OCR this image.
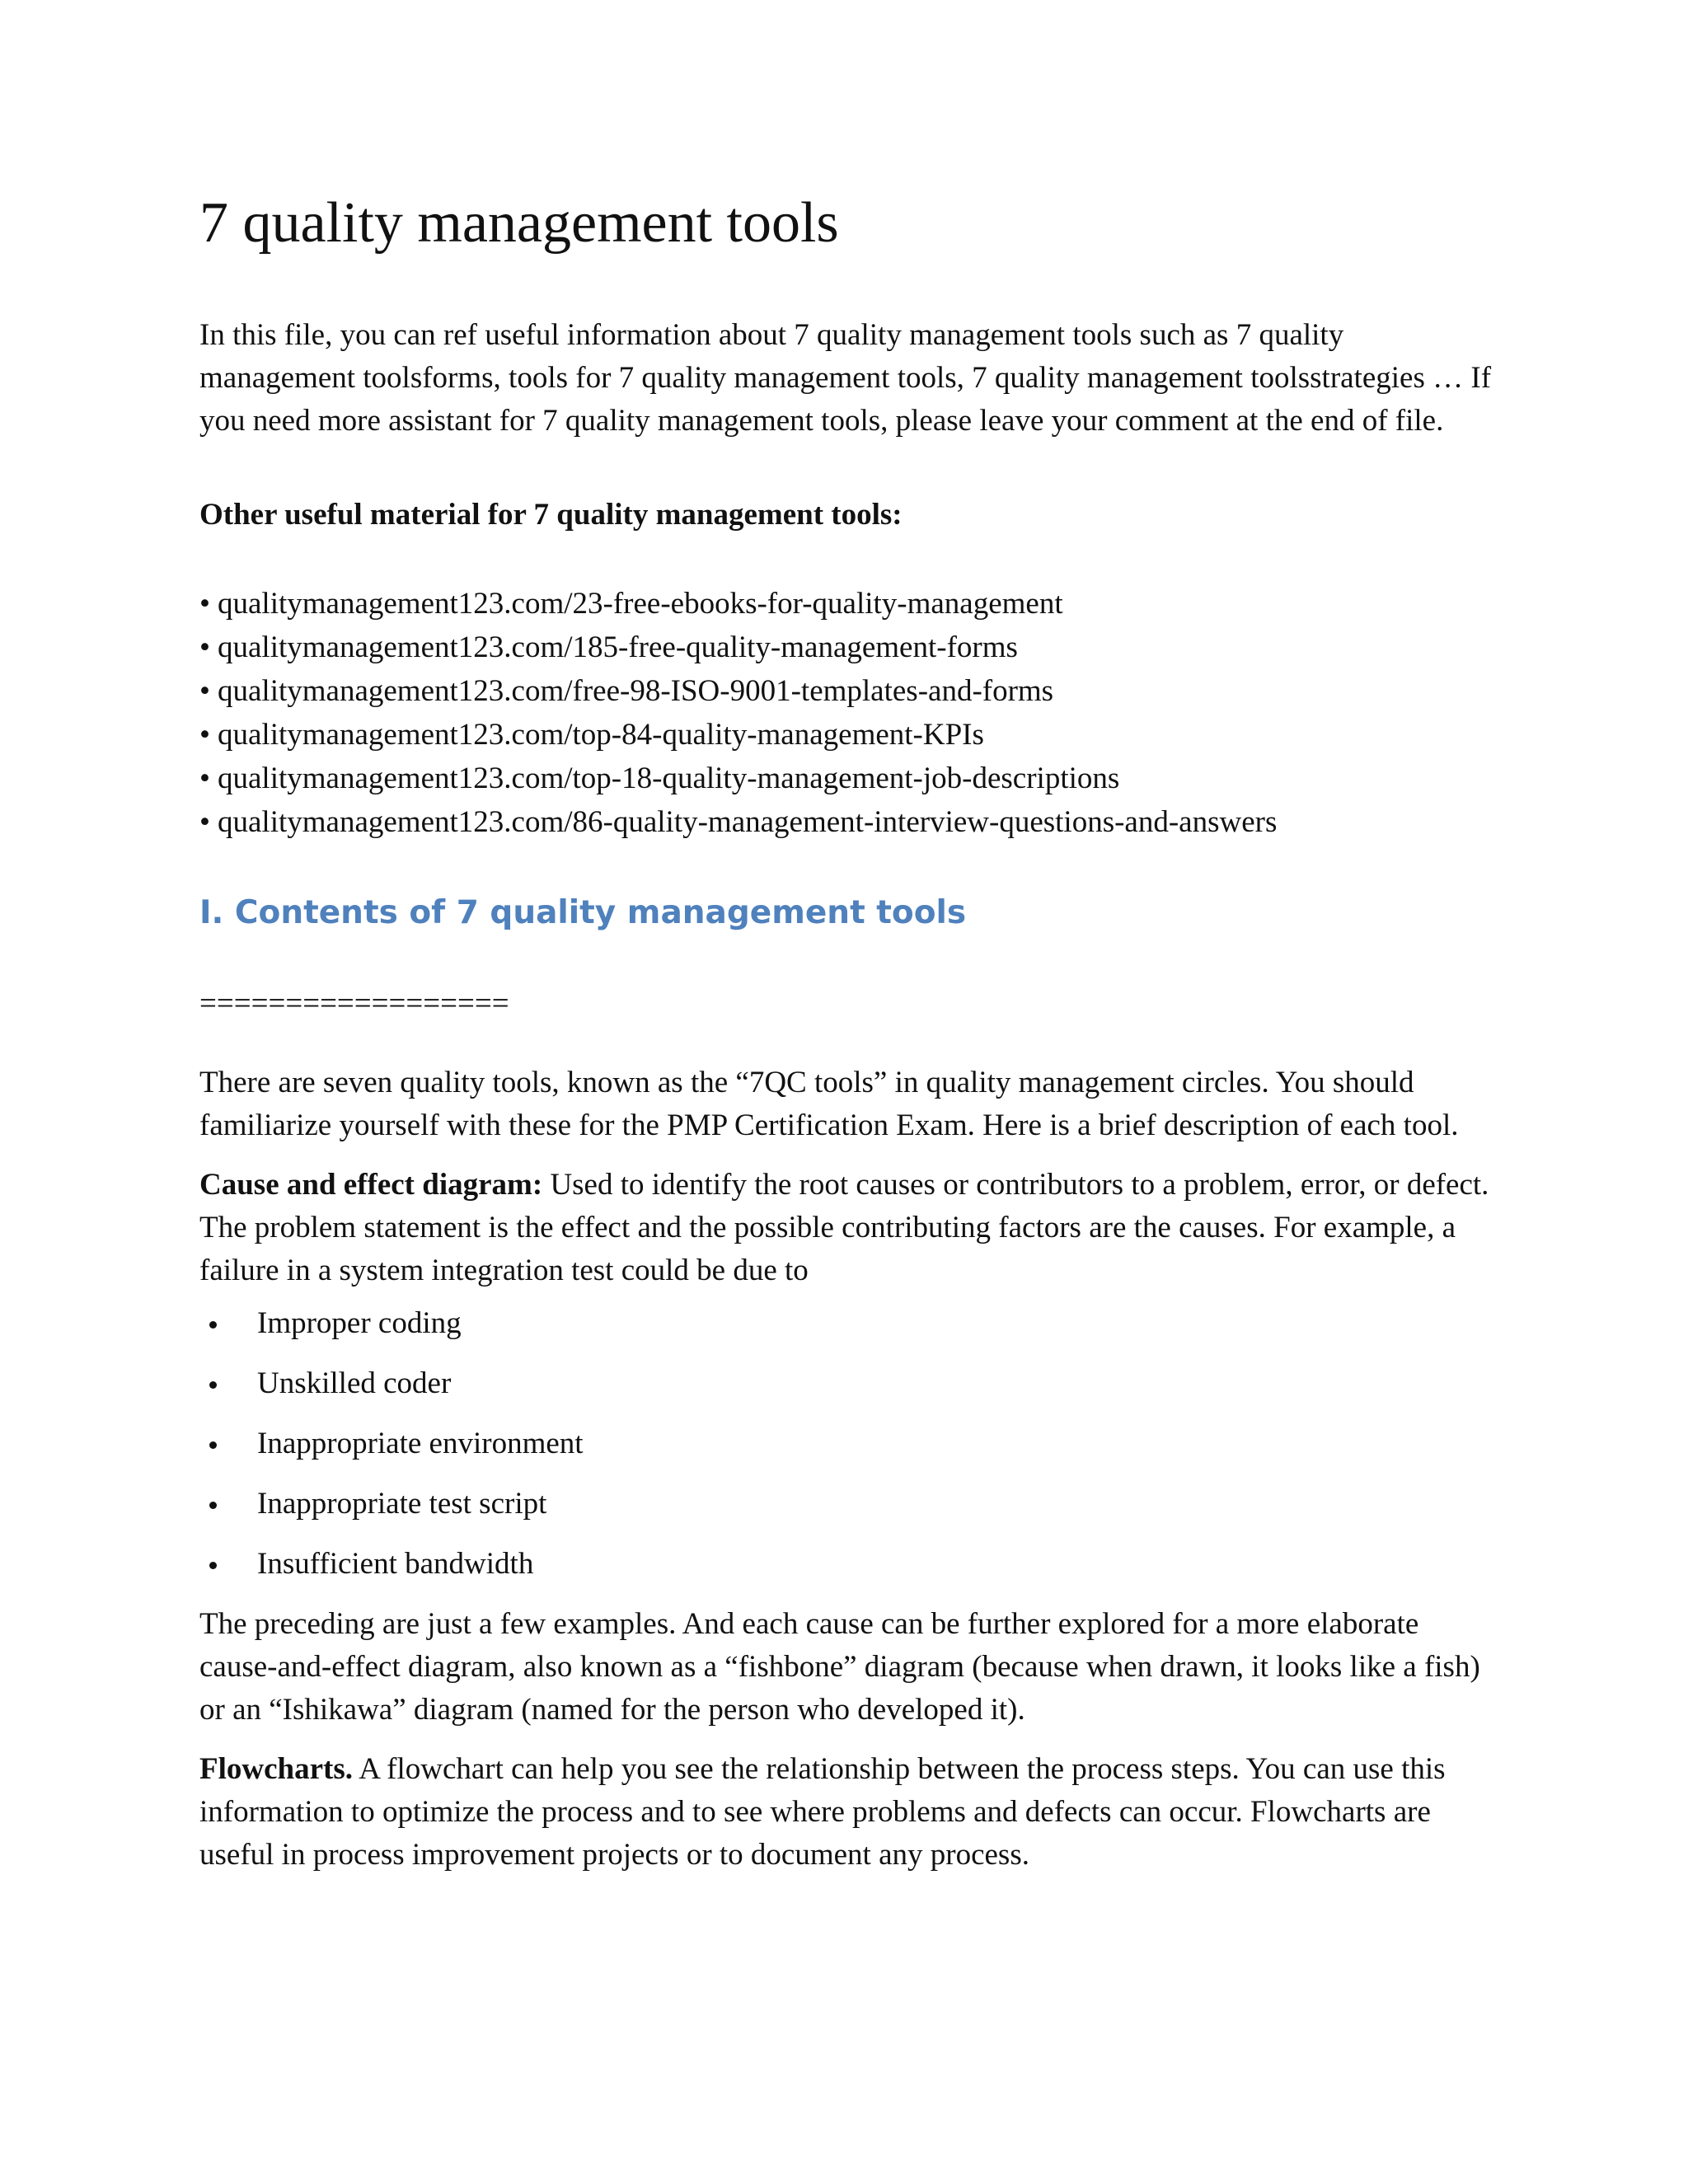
7 quality management tools

In this file, you can ref useful information about 7 quality management tools such as 7 quality management toolsforms, tools for 7 quality management tools, 7 quality management toolsstrategies … If you need more assistant for 7 quality management tools, please leave your comment at the end of file.

Other useful material for 7 quality management tools:

• qualitymanagement123.com/23-free-ebooks-for-quality-management
• qualitymanagement123.com/185-free-quality-management-forms
• qualitymanagement123.com/free-98-ISO-9001-templates-and-forms
• qualitymanagement123.com/top-84-quality-management-KPIs
• qualitymanagement123.com/top-18-quality-management-job-descriptions
• qualitymanagement123.com/86-quality-management-interview-questions-and-answers
I. Contents of 7 quality management tools

==================

There are seven quality tools, known as the “7QC tools” in quality management circles. You should familiarize yourself with these for the PMP Certification Exam. Here is a brief description of each tool.

Cause and effect diagram: Used to identify the root causes or contributors to a problem, error, or defect. The problem statement is the effect and the possible contributing factors are the causes. For example, a failure in a system integration test could be due to

Improper coding
Unskilled coder
Inappropriate environment
Inappropriate test script
Insufficient bandwidth

The preceding are just a few examples. And each cause can be further explored for a more elaborate cause-and-effect diagram, also known as a “fishbone” diagram (because when drawn, it looks like a fish) or an “Ishikawa” diagram (named for the person who developed it).

Flowcharts. A flowchart can help you see the relationship between the process steps. You can use this information to optimize the process and to see where problems and defects can occur. Flowcharts are useful in process improvement projects or to document any process.
